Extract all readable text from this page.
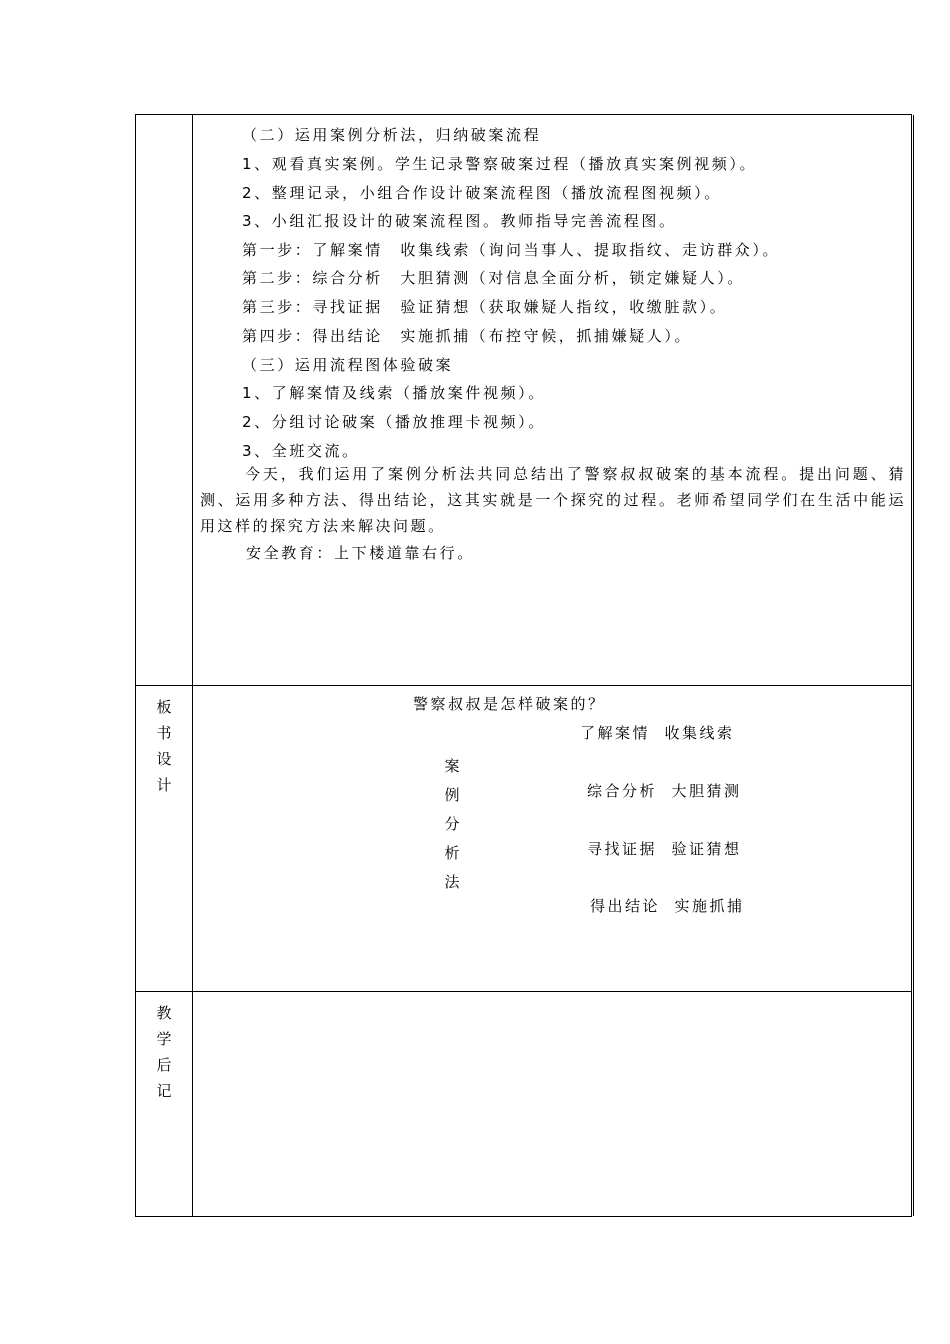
（二）运用案例分析法，归纳破案流程
1、观看真实案例。学生记录警察破案过程（播放真实案例视频）。
2、整理记录，小组合作设计破案流程图（播放流程图视频）。
3、小组汇报设计的破案流程图。教师指导完善流程图。
第一步：了解案情　收集线索（询问当事人、提取指纹、走访群众）。
第二步：综合分析　大胆猜测（对信息全面分析，锁定嫌疑人）。
第三步：寻找证据　验证猜想（获取嫌疑人指纹，收缴脏款）。
第四步：得出结论　实施抓捕（布控守候，抓捕嫌疑人）。
（三）运用流程图体验破案
1、了解案情及线索（播放案件视频）。
2、分组讨论破案（播放推理卡视频）。
3、全班交流。
今天，我们运用了案例分析法共同总结出了警察叔叔破案的基本流程。提出问题、猜测、运用多种方法、得出结论，这其实就是一个探究的过程。老师希望同学们在生活中能运用这样的探究方法来解决问题。
安全教育：上下楼道靠右行。
板
书
设
计
警察叔叔是怎样破案的？
了解案情  收集线索
案
例
分
析
法
综合分析  大胆猜测
寻找证据  验证猜想
得出结论  实施抓捕
教
学
后
记
